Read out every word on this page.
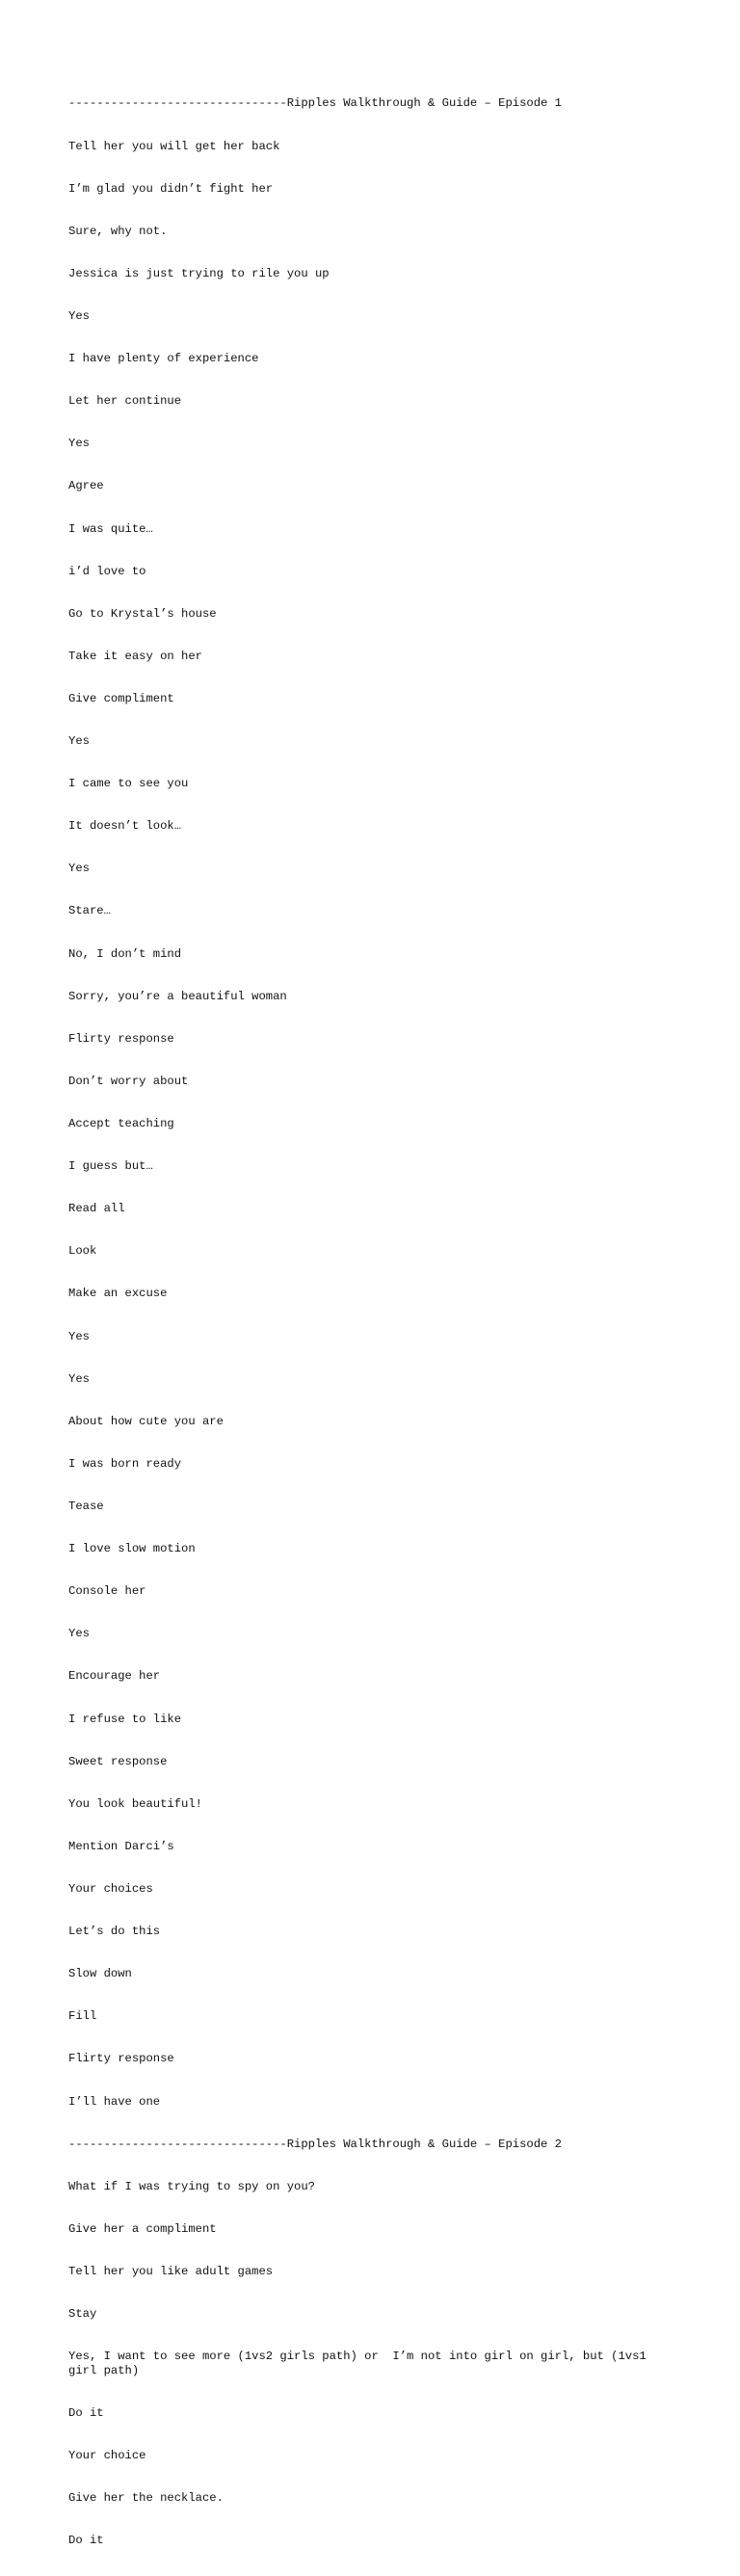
-------------------------------Ripples Walkthrough & Guide – Episode 1

Tell her you will get her back

I’m glad you didn’t fight her

Sure, why not.

Jessica is just trying to rile you up

Yes

I have plenty of experience

Let her continue

Yes

Agree

I was quite…

i’d love to

Go to Krystal’s house

Take it easy on her

Give compliment

Yes

I came to see you

It doesn’t look…

Yes

Stare…

No, I don’t mind

Sorry, you’re a beautiful woman

Flirty response

Don’t worry about

Accept teaching

I guess but…

Read all

Look

Make an excuse

Yes

Yes

About how cute you are

I was born ready

Tease

I love slow motion

Console her

Yes

Encourage her

I refuse to like

Sweet response

You look beautiful!

Mention Darci’s

Your choices

Let’s do this

Slow down

Fill

Flirty response

I’ll have one

-------------------------------Ripples Walkthrough & Guide – Episode 2

What if I was trying to spy on you?

Give her a compliment

Tell her you like adult games

Stay

Yes, I want to see more (1vs2 girls path) or  I’m not into girl on girl, but (1vs1 girl path)

Do it

Your choice

Give her the necklace.

Do it
